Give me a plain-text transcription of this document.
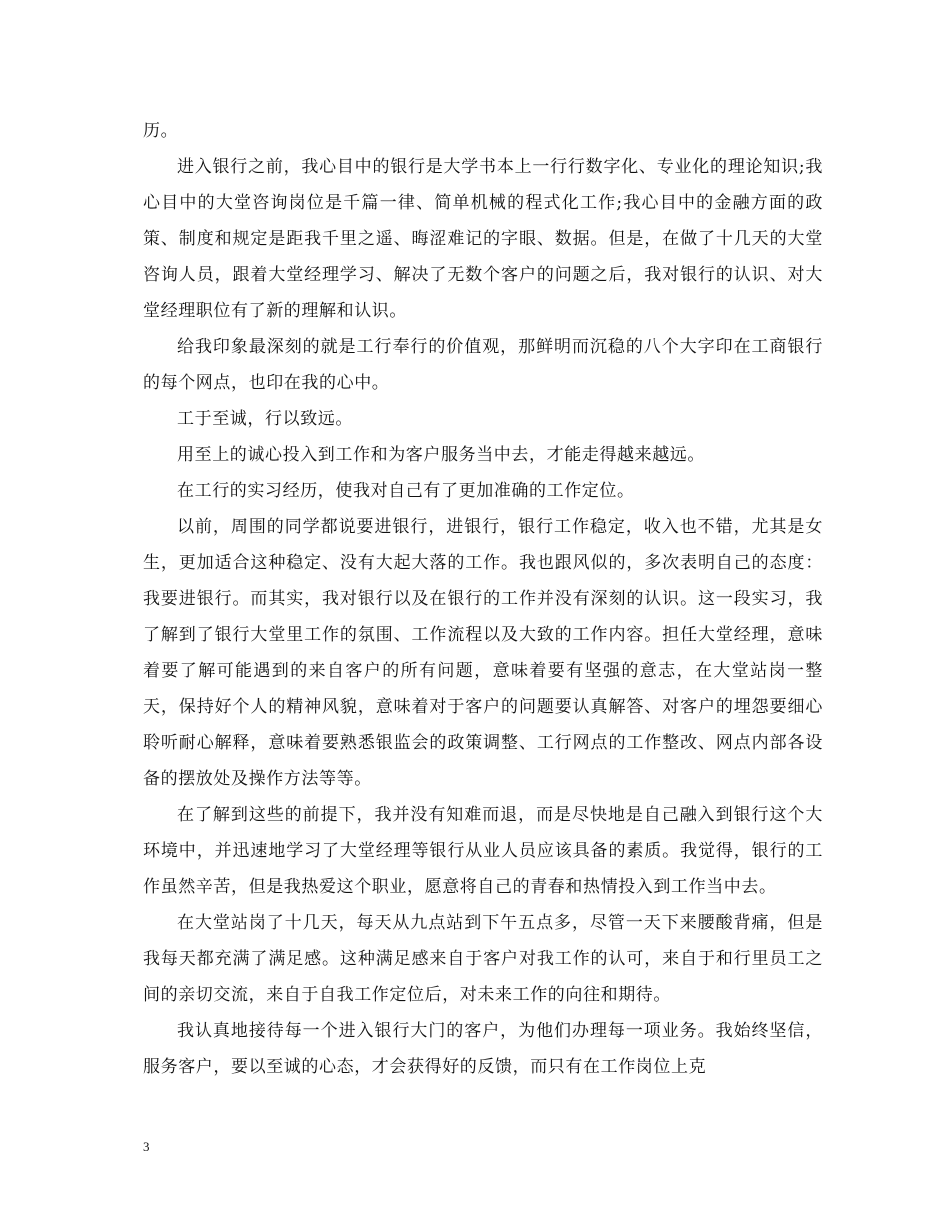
历。

进入银行之前，我心目中的银行是大学书本上一行行数字化、专业化的理论知识;我心目中的大堂咨询岗位是千篇一律、简单机械的程式化工作;我心目中的金融方面的政策、制度和规定是距我千里之遥、晦涩难记的字眼、数据。但是，在做了十几天的大堂咨询人员，跟着大堂经理学习、解决了无数个客户的问题之后，我对银行的认识、对大堂经理职位有了新的理解和认识。

给我印象最深刻的就是工行奉行的价值观，那鲜明而沉稳的八个大字印在工商银行的每个网点，也印在我的心中。

工于至诚，行以致远。

用至上的诚心投入到工作和为客户服务当中去，才能走得越来越远。

在工行的实习经历，使我对自己有了更加准确的工作定位。

以前，周围的同学都说要进银行，进银行，银行工作稳定，收入也不错，尤其是女生，更加适合这种稳定、没有大起大落的工作。我也跟风似的，多次表明自己的态度：我要进银行。而其实，我对银行以及在银行的工作并没有深刻的认识。这一段实习，我了解到了银行大堂里工作的氛围、工作流程以及大致的工作内容。担任大堂经理，意味着要了解可能遇到的来自客户的所有问题，意味着要有坚强的意志，在大堂站岗一整天，保持好个人的精神风貌，意味着对于客户的问题要认真解答、对客户的埋怨要细心聆听耐心解释，意味着要熟悉银监会的政策调整、工行网点的工作整改、网点内部各设备的摆放处及操作方法等等。

在了解到这些的前提下，我并没有知难而退，而是尽快地是自己融入到银行这个大环境中，并迅速地学习了大堂经理等银行从业人员应该具备的素质。我觉得，银行的工作虽然辛苦，但是我热爱这个职业，愿意将自己的青春和热情投入到工作当中去。

在大堂站岗了十几天，每天从九点站到下午五点多，尽管一天下来腰酸背痛，但是我每天都充满了满足感。这种满足感来自于客户对我工作的认可，来自于和行里员工之间的亲切交流，来自于自我工作定位后，对未来工作的向往和期待。

我认真地接待每一个进入银行大门的客户，为他们办理每一项业务。我始终坚信，服务客户，要以至诚的心态，才会获得好的反馈，而只有在工作岗位上克

3
